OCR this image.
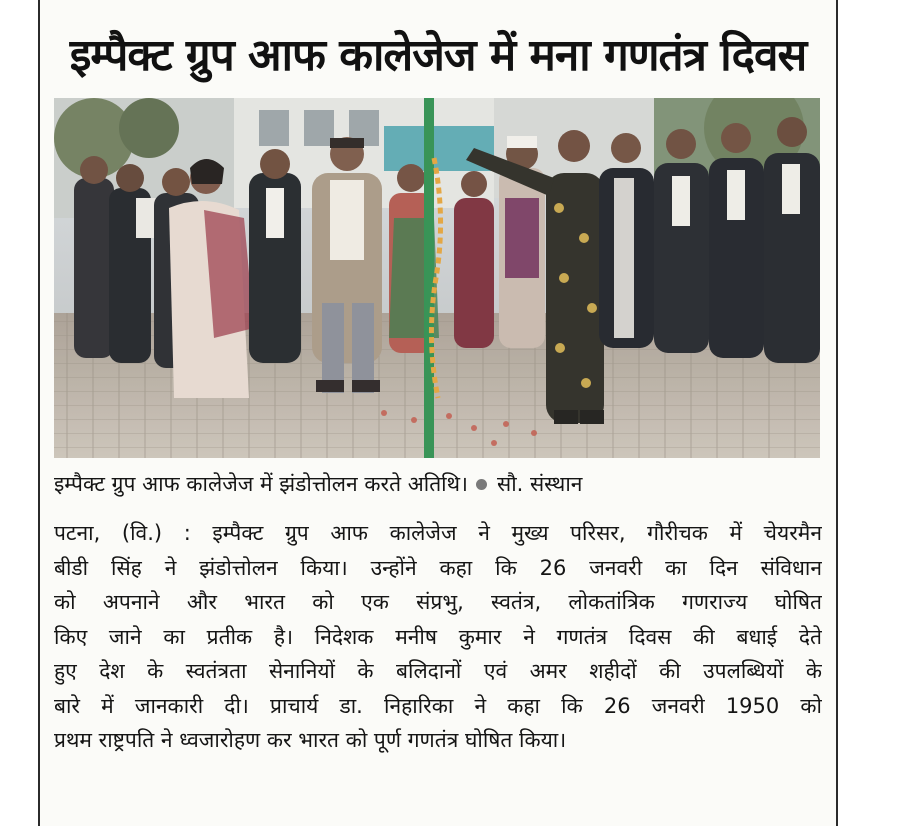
इम्पैक्ट ग्रुप आफ कालेजेज में मना गणतंत्र दिवस
इम्पैक्ट ग्रुप आफ कालेजेज में झंडोत्तोलन करते अतिथि। सौ. संस्थान
पटना, (वि.) : इम्पैक्ट ग्रुप आफ कालेजेज ने मुख्य परिसर, गौरीचक में चेयरमैन
बीडी सिंह ने झंडोत्तोलन किया। उन्होंने कहा कि 26 जनवरी का दिन संविधान
को अपनाने और भारत को एक संप्रभु, स्वतंत्र, लोकतांत्रिक गणराज्य घोषित
किए जाने का प्रतीक है। निदेशक मनीष कुमार ने गणतंत्र दिवस की बधाई देते
हुए देश के स्वतंत्रता सेनानियों के बलिदानों एवं अमर शहीदों की उपलब्धियों के
बारे में जानकारी दी। प्राचार्य डा. निहारिका ने कहा कि 26 जनवरी 1950 को
प्रथम राष्ट्रपति ने ध्वजारोहण कर भारत को पूर्ण गणतंत्र घोषित किया।
